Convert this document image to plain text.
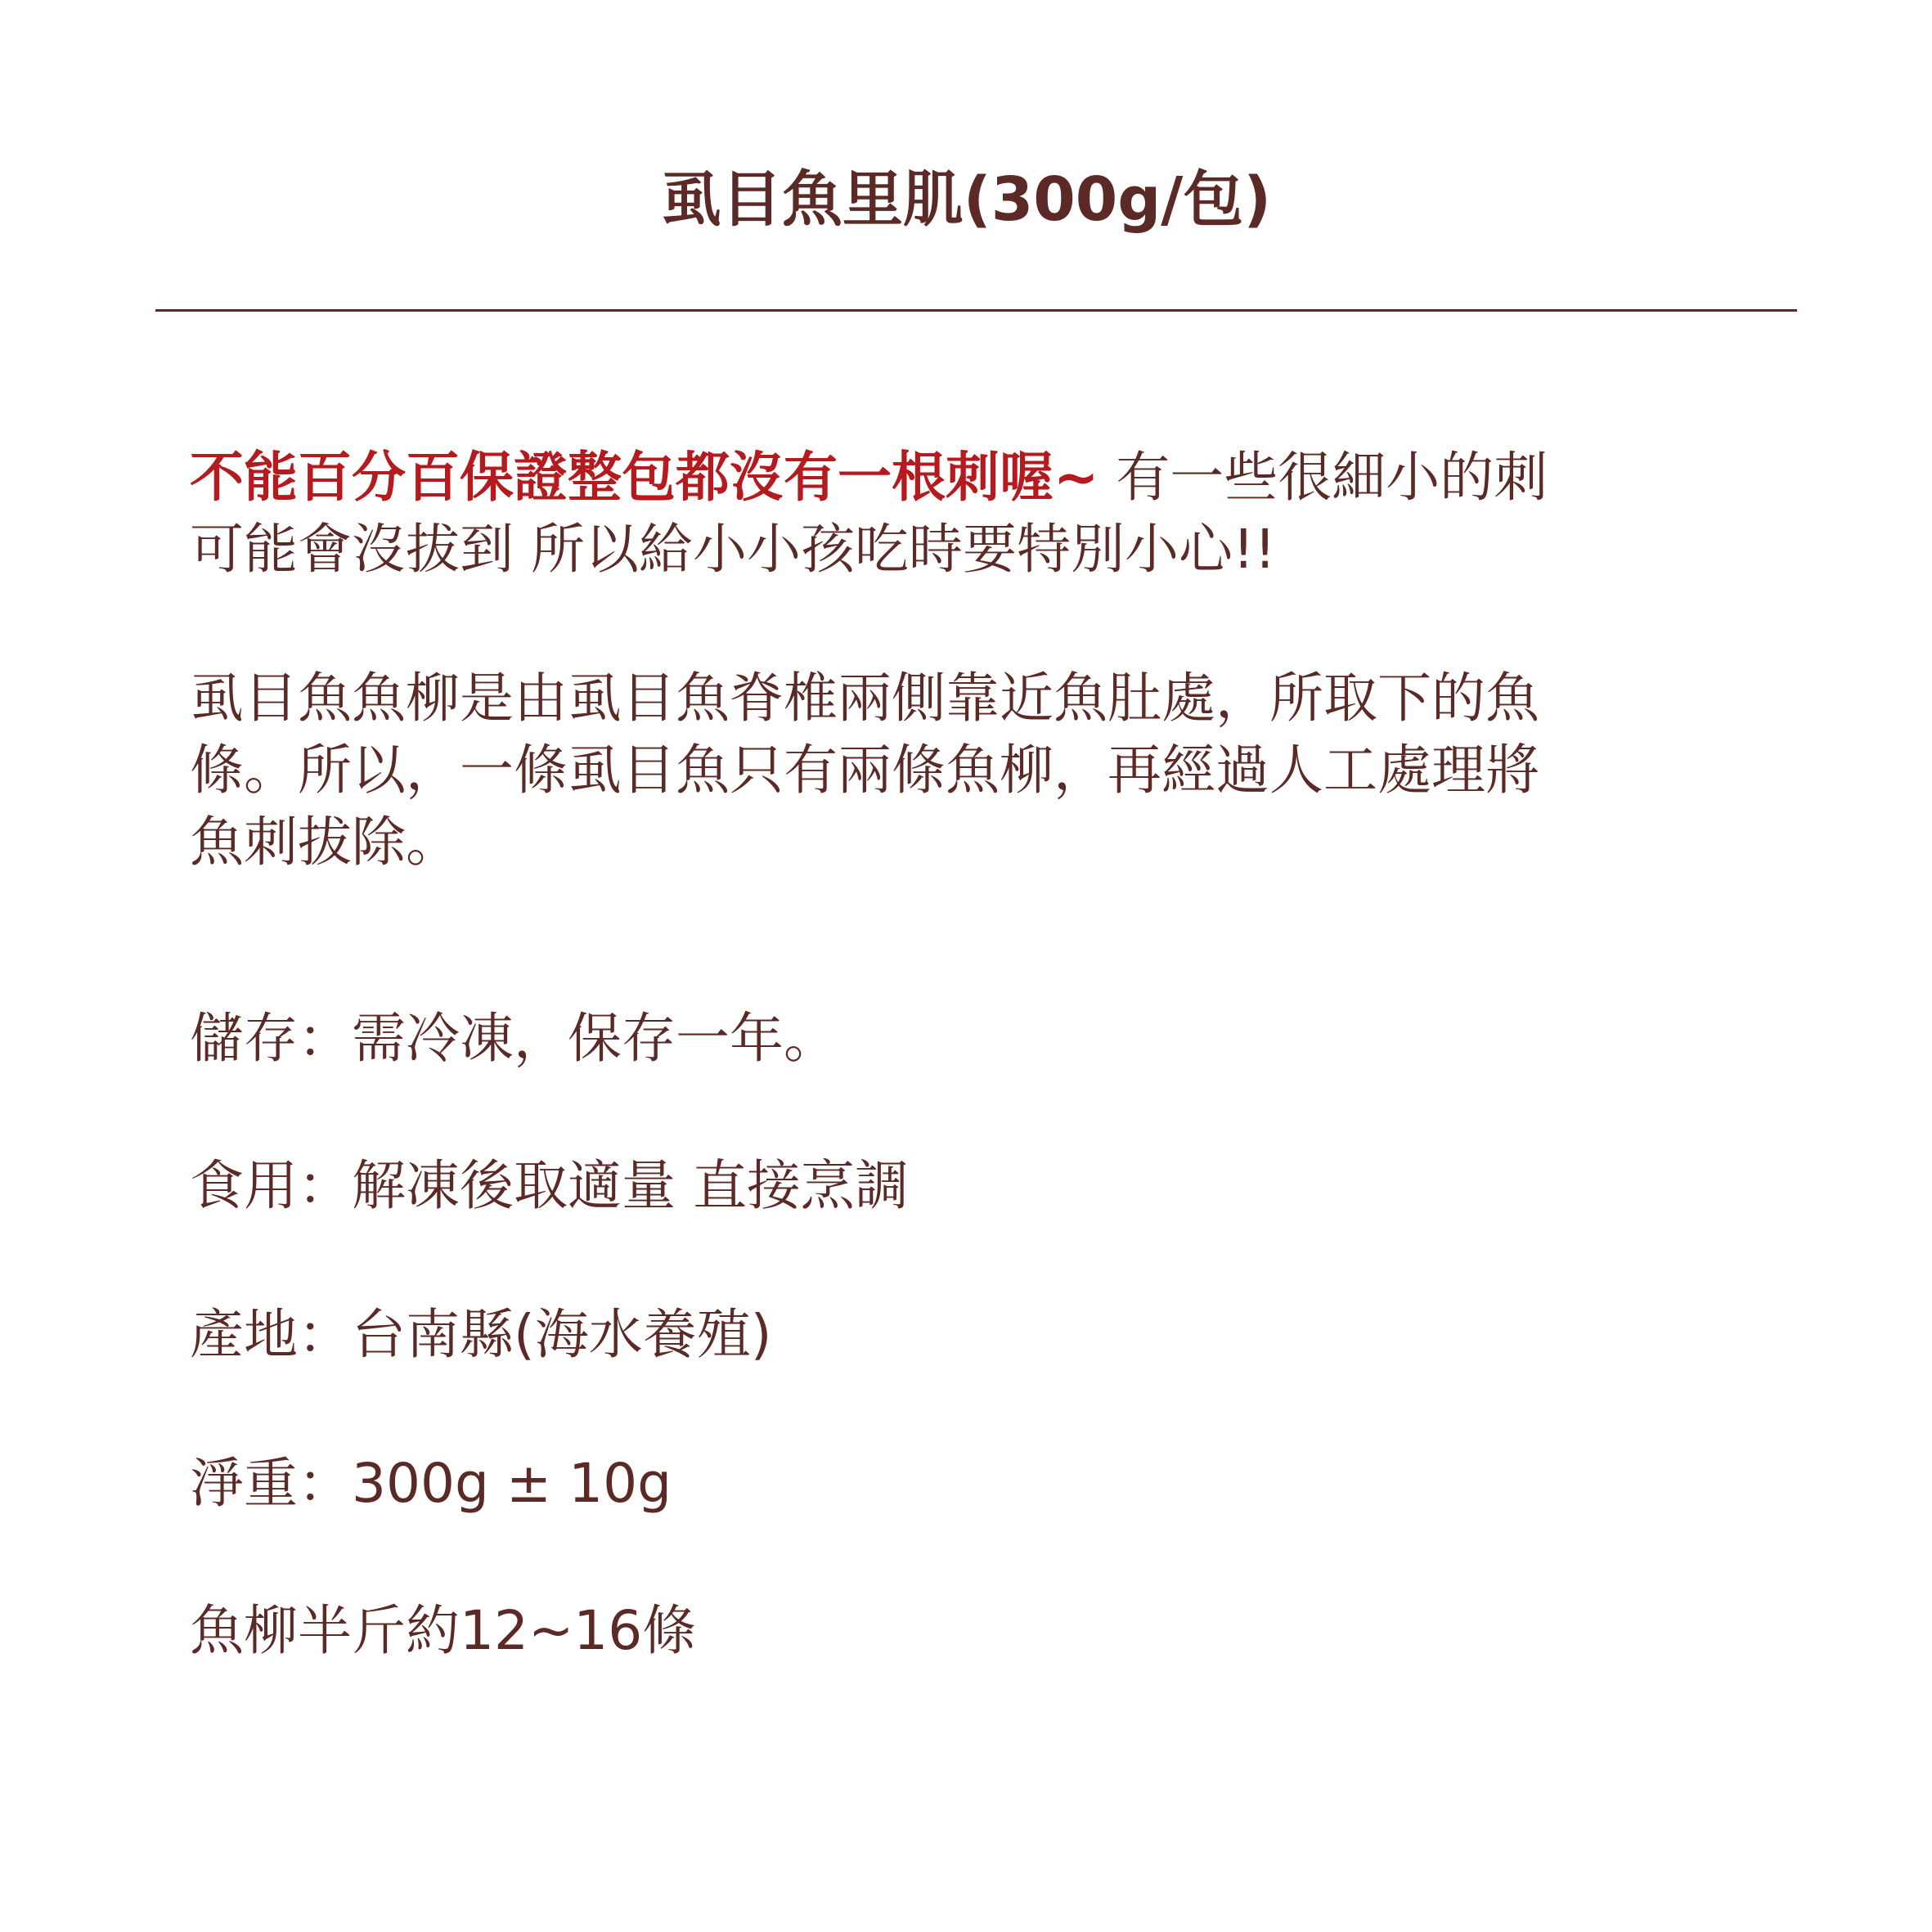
虱目魚里肌(300g/包)
不能百分百保證整包都沒有一根刺喔~ 有一些很細小的刺
可能會沒拔到 所以給小小孩吃時要特別小心!!
虱目魚魚柳是由虱目魚脊椎兩側靠近魚肚處，所取下的魚
條。所以，一條虱目魚只有兩條魚柳，再經過人工處理將
魚刺拔除。
儲存：需冷凍，保存一年。
食用：解凍後取適量 直接烹調
產地：台南縣(海水養殖)
淨重：300g ± 10g
魚柳半斤約12~16條
